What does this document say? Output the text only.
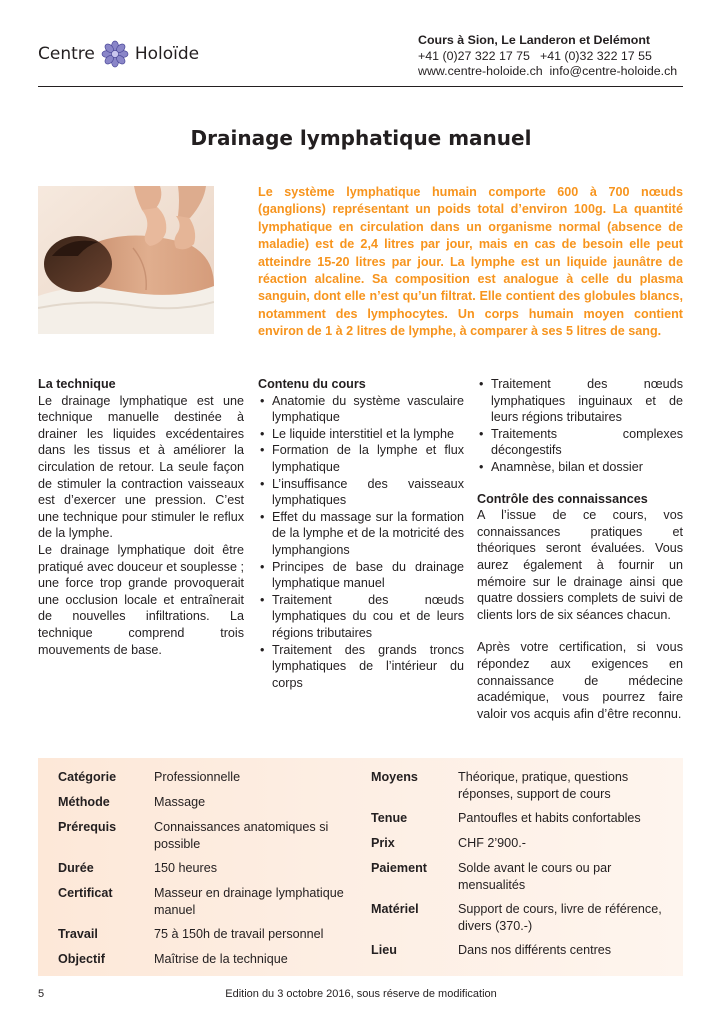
Centre Holoïde
Cours à Sion, Le Landeron et Delémont
+41 (0)27 322 17 75 +41 (0)32 322 17 55
www.centre-holoide.ch info@centre-holoide.ch
Drainage lymphatique manuel
Le système lymphatique humain comporte 600 à 700 nœuds (ganglions) représentant un poids total d’environ 100g. La quantité lymphatique en circulation dans un organisme normal (absence de maladie) est de 2,4 litres par jour, mais en cas de besoin elle peut atteindre 15-20 litres par jour. La lymphe est un liquide jaunâtre de réaction alcaline. Sa composition est analogue à celle du plasma sanguin, dont elle n’est qu’un filtrat. Elle contient des globules blancs, notamment des lymphocytes. Un corps humain moyen contient environ de 1 à 2 litres de lymphe, à comparer à ses 5 litres de sang.
La technique

Le drainage lymphatique est une technique manuelle destinée à drainer les liquides excédentaires dans les tissus et à améliorer la circulation de retour. La seule façon de stimuler la contraction vaisseaux est d’exercer une pression. C’est une technique pour stimuler le reflux de la lymphe.

Le drainage lymphatique doit être pratiqué avec douceur et souplesse ; une force trop grande provoquerait une occlusion locale et entraînerait de nouvelles infiltrations. La technique comprend trois mouvements de base.

Contenu du cours
• Anatomie du système vasculaire lymphatique
• Le liquide interstitiel et la lymphe
• Formation de la lymphe et flux lymphatique
• L’insuffisance des vaisseaux lymphatiques
• Effet du massage sur la formation de la lymphe et de la motricité des lymphangions
• Principes de base du drainage lymphatique manuel
• Traitement des nœuds lymphatiques du cou et de leurs régions tributaires
• Traitement des grands troncs lymphatiques de l’intérieur du corps
• Traitement des nœuds lymphatiques inguinaux et de leurs régions tributaires
• Traitements complexes décongestifs
• Anamnèse, bilan et dossier
Contrôle des connaissances

A l’issue de ce cours, vos connaissances pratiques et théoriques seront évaluées. Vous aurez également à fournir un mémoire sur le drainage ainsi que quatre dossiers complets de suivi de clients lors de six séances chacun.

Après votre certification, si vous répondez aux exigences en connaissance de médecine académique, vous pourrez faire valoir vos acquis afin d’être reconnu.

Catégorie	Professionnelle
Méthode	Massage
Prérequis	Connaissances anatomiques si possible
Durée	150 heures
Certificat	Masseur en drainage lymphatique manuel
Travail	75 à 150h de travail personnel
Objectif	Maîtrise de la technique
Moyens	Théorique, pratique, questions réponses, support de cours
Tenue	Pantoufles et habits confortables
Prix	CHF 2’900.-
Paiement Solde avant le cours ou par mensualités
Matériel	Support de cours, livre de référence, divers (370.-)
Lieu	Dans nos différents centres
5	Edition du 3 octobre 2016, sous réserve de modification
